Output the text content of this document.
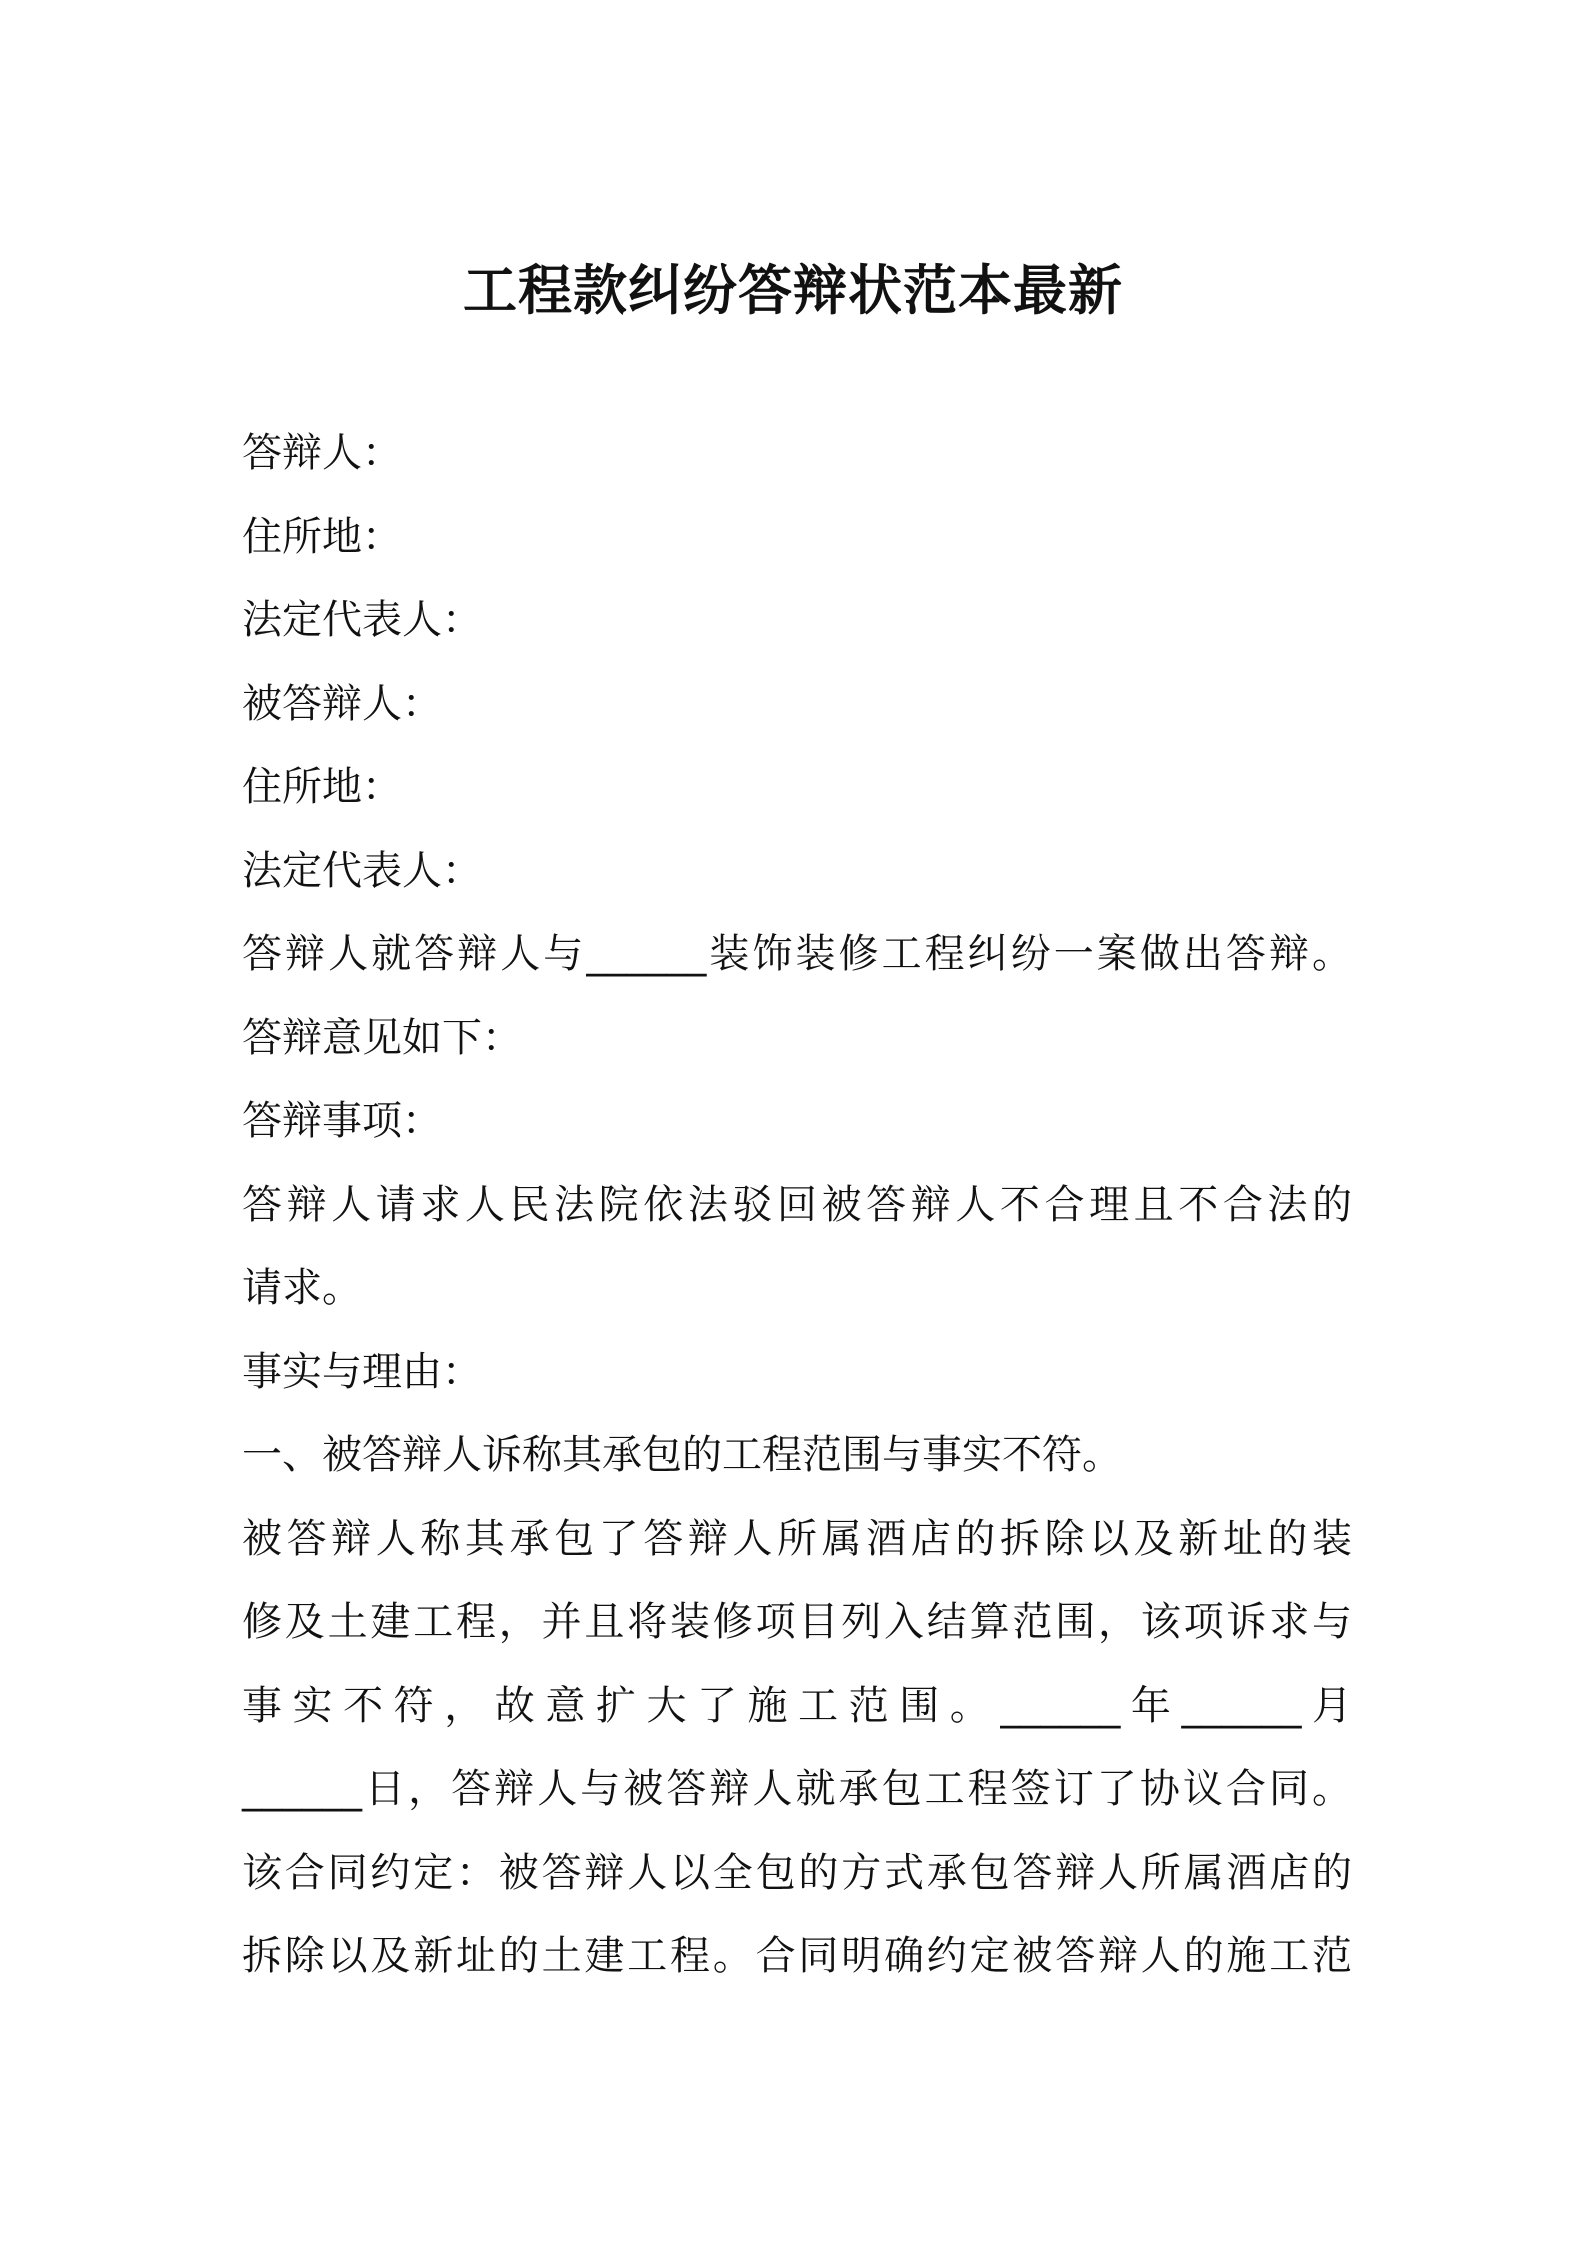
工程款纠纷答辩状范本最新
答辩人：
住所地：
法定代表人：
被答辩人：
住所地：
法定代表人：
答辩人就答辩人与______装饰装修工程纠纷一案做出答辩。
答辩意见如下：
答辩事项：
答辩人请求人民法院依法驳回被答辩人不合理且不合法的
请求。
事实与理由：
一、被答辩人诉称其承包的工程范围与事实不符。
被答辩人称其承包了答辩人所属酒店的拆除以及新址的装
修及土建工程，并且将装修项目列入结算范围，该项诉求与
事实不符，故意扩大了施工范围。______年______月
______日，答辩人与被答辩人就承包工程签订了协议合同。
该合同约定：被答辩人以全包的方式承包答辩人所属酒店的
拆除以及新址的土建工程。合同明确约定被答辩人的施工范
